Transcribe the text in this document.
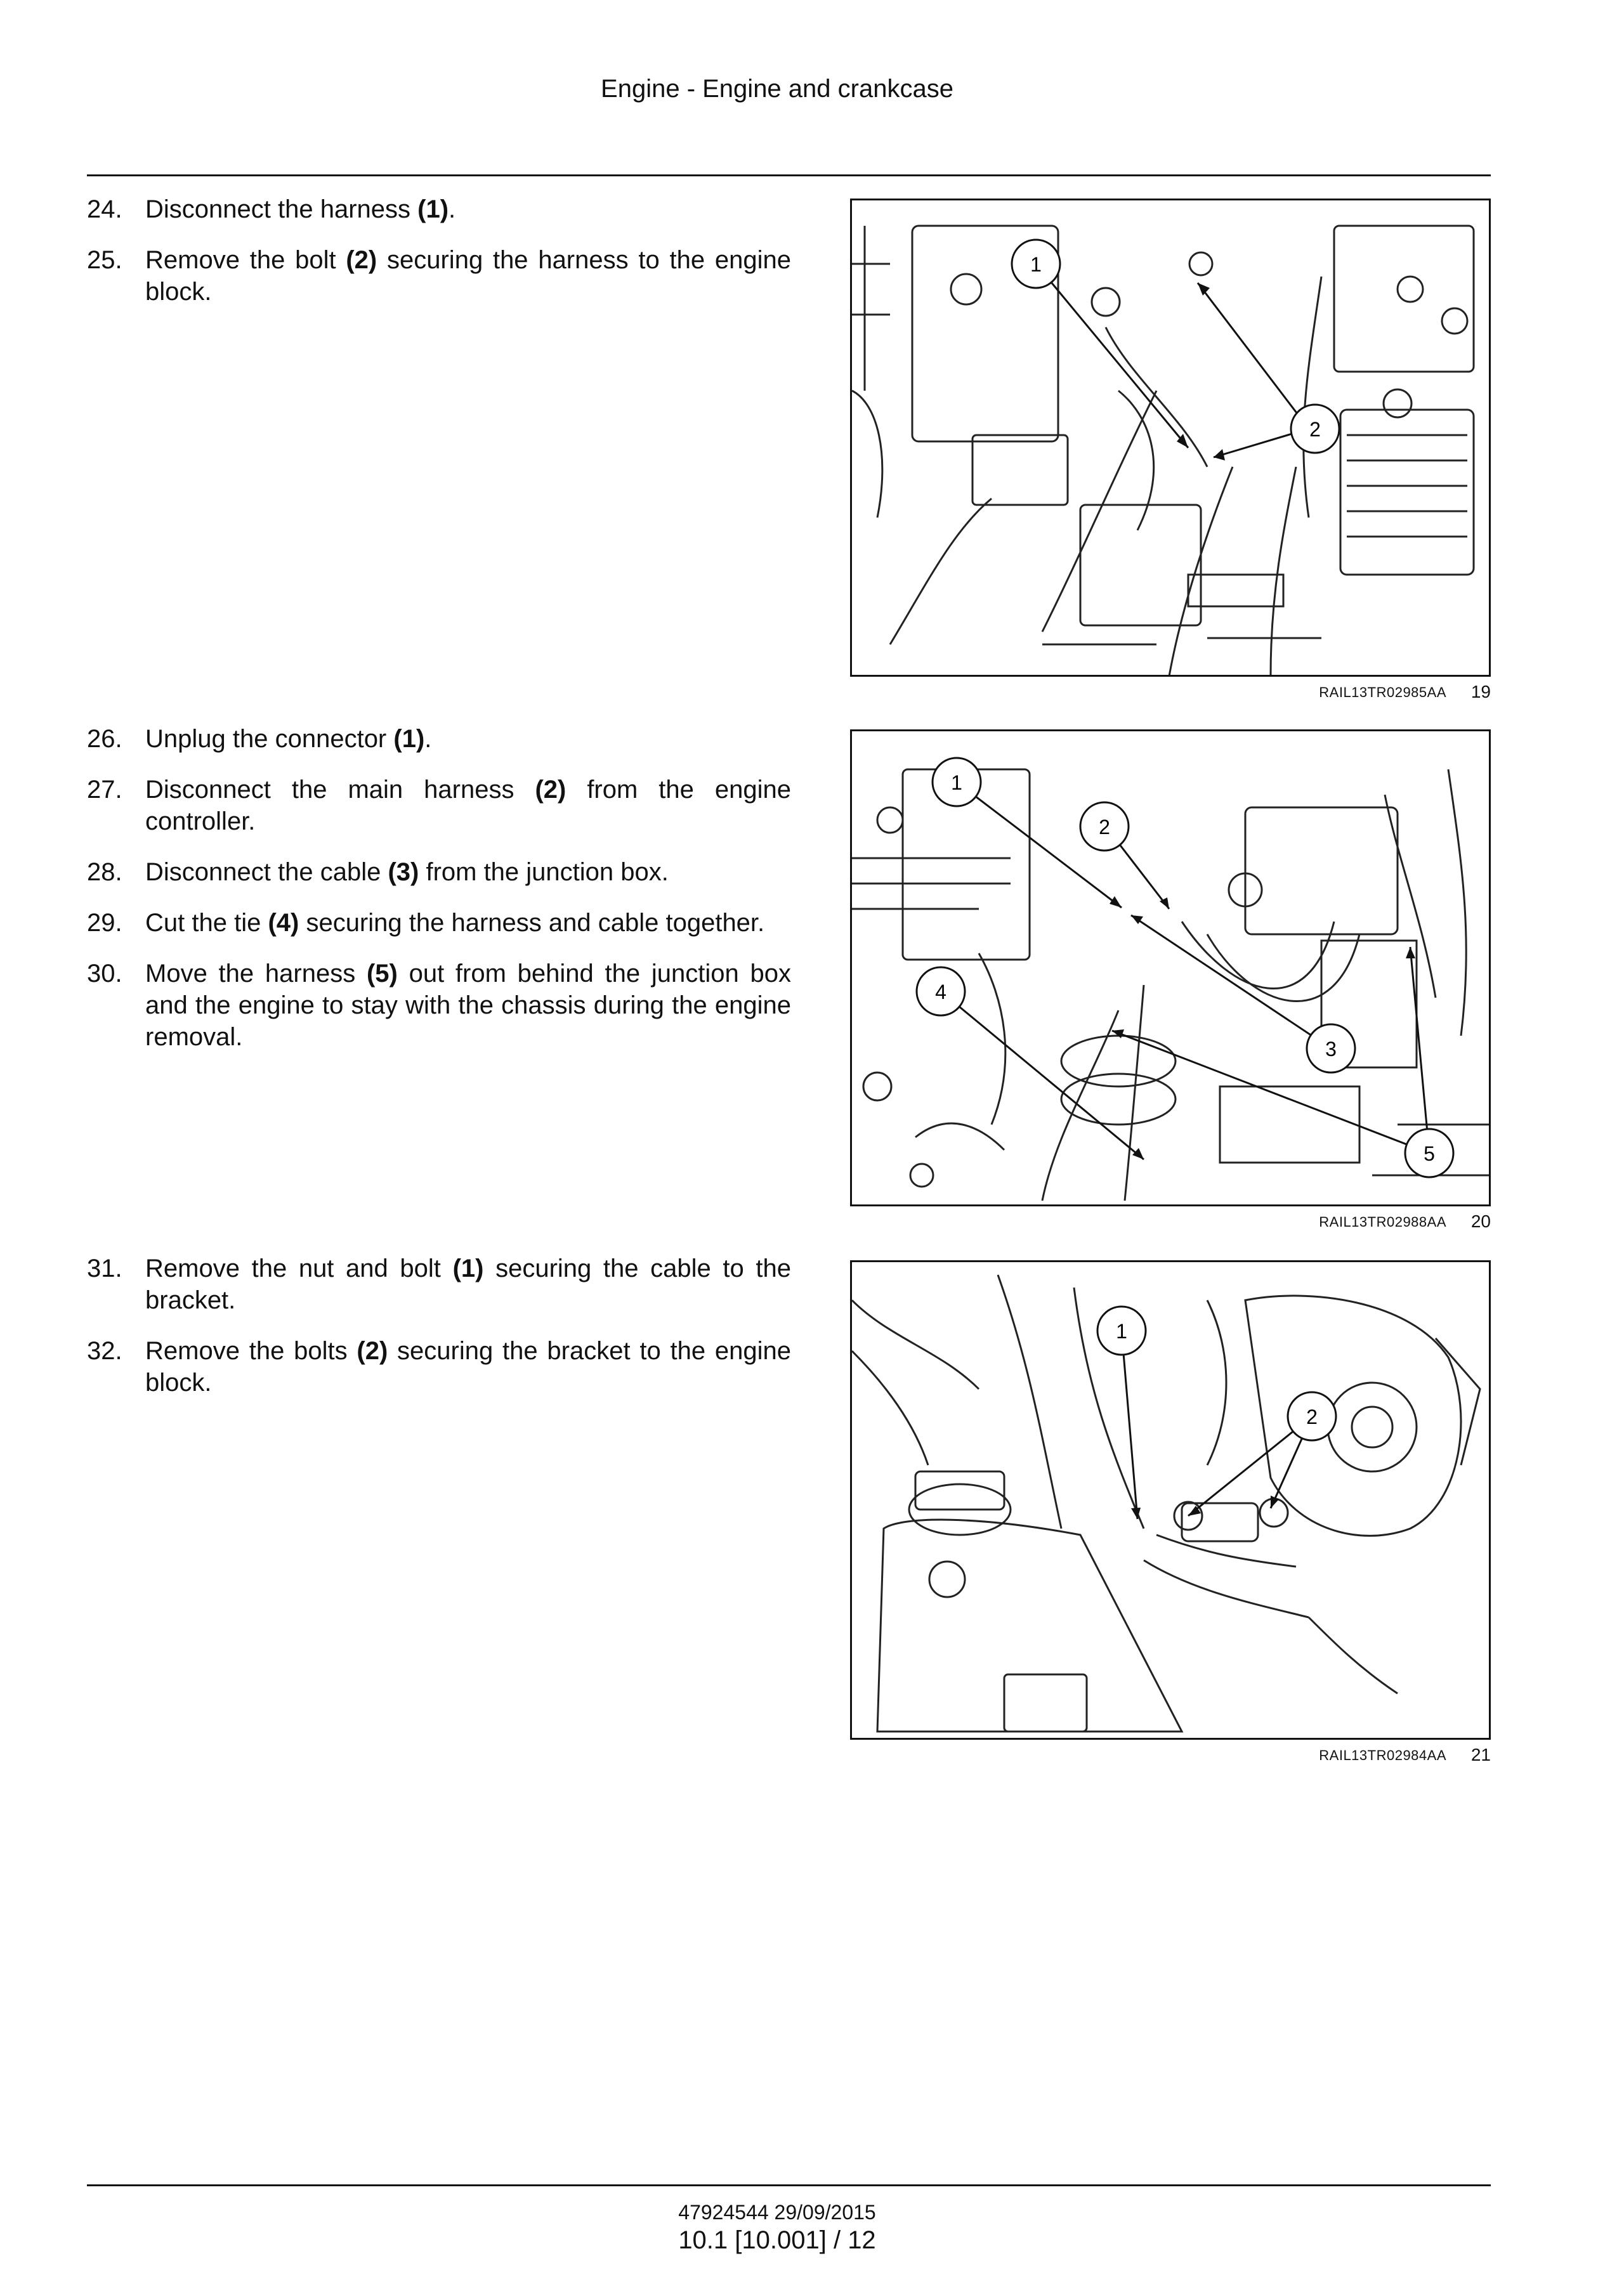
Engine - Engine and crankcase
24. Disconnect the harness (1).
25. Remove the bolt (2) securing the harness to the engine block.
1
2
RAIL13TR02985AA 19
26. Unplug the connector (1).
27. Disconnect the main harness (2) from the engine controller.
28. Disconnect the cable (3) from the junction box.
29. Cut the tie (4) securing the harness and cable together.
30. Move the harness (5) out from behind the junction box and the engine to stay with the chassis during the engine removal.
1
2
3
4
5
RAIL13TR02988AA 20
31. Remove the nut and bolt (1) securing the cable to the bracket.
32. Remove the bolts (2) securing the bracket to the engine block.
1
2
RAIL13TR02984AA 21
47924544 29/09/2015
10.1 [10.001] / 12
